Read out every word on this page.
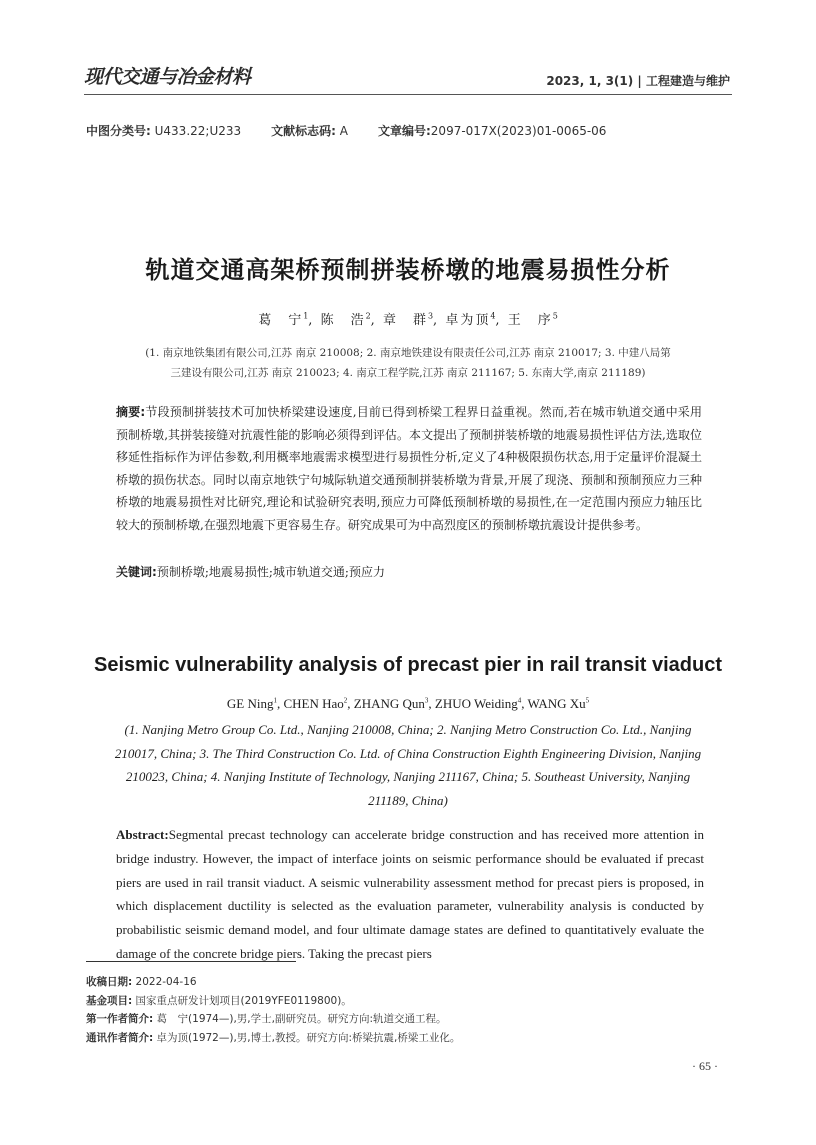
现代交通与冶金材料	2023, 1, 3(1) | 工程建造与维护
中图分类号: U433.22;U233	文献标志码: A	文章编号:2097-017X(2023)01-0065-06
轨道交通高架桥预制拼装桥墩的地震易损性分析
葛　宁$^1$, 陈　浩$^2$, 章　群$^3$, 卓为顶$^4$, 王　序$^5$
(1. 南京地铁集团有限公司,江苏 南京 210008; 2. 南京地铁建设有限责任公司,江苏 南京 210017; 3. 中建八局第
三建设有限公司,江苏 南京 210023; 4. 南京工程学院,江苏 南京 211167; 5. 东南大学,南京 211189)
摘要:节段预制拼装技术可加快桥梁建设速度,目前已得到桥梁工程界日益重视。然而,若在城市轨道交通中采用预制桥墩,其拼装接缝对抗震性能的影响必须得到评估。本文提出了预制拼装桥墩的地震易损性评估方法,选取位移延性指标作为评估参数,利用概率地震需求模型进行易损性分析,定义了4种极限损伤状态,用于定量评价混凝土桥墩的损伤状态。同时以南京地铁宁句城际轨道交通预制拼装桥墩为背景,开展了现浇、预制和预制预应力三种桥墩的地震易损性对比研究,理论和试验研究表明,预应力可降低预制桥墩的易损性,在一定范围内预应力轴压比较大的预制桥墩,在强烈地震下更容易生存。研究成果可为中高烈度区的预制桥墩抗震设计提供参考。
关键词:预制桥墩;地震易损性;城市轨道交通;预应力
Seismic vulnerability analysis of precast pier in rail transit viaduct
GE Ning$^1$, CHEN Hao$^2$, ZHANG Qun$^3$, ZHUO Weiding$^4$, WANG Xu$^5$
(1. Nanjing Metro Group Co. Ltd., Nanjing 210008, China; 2. Nanjing Metro Construction Co. Ltd., Nanjing 210017, China; 3. The Third Construction Co. Ltd. of China Construction Eighth Engineering Division, Nanjing 210023, China; 4. Nanjing Institute of Technology, Nanjing 211167, China; 5. Southeast University, Nanjing 211189, China)
Abstract:Segmental precast technology can accelerate bridge construction and has received more attention in bridge industry. However, the impact of interface joints on seismic performance should be evaluated if precast piers are used in rail transit viaduct. A seismic vulnerability assessment method for precast piers is proposed, in which displacement ductility is selected as the evaluation parameter, vulnerability analysis is conducted by probabilistic seismic demand model, and four ultimate damage states are defined to quantitatively evaluate the damage of the concrete bridge piers. Taking the precast piers
收稿日期: 2022-04-16
基金项目: 国家重点研发计划项目(2019YFE0119800)。
第一作者简介: 葛　宁(1974—),男,学士,副研究员。研究方向:轨道交通工程。
通讯作者简介: 卓为顶(1972—),男,博士,教授。研究方向:桥梁抗震,桥梁工业化。
· 65 ·
